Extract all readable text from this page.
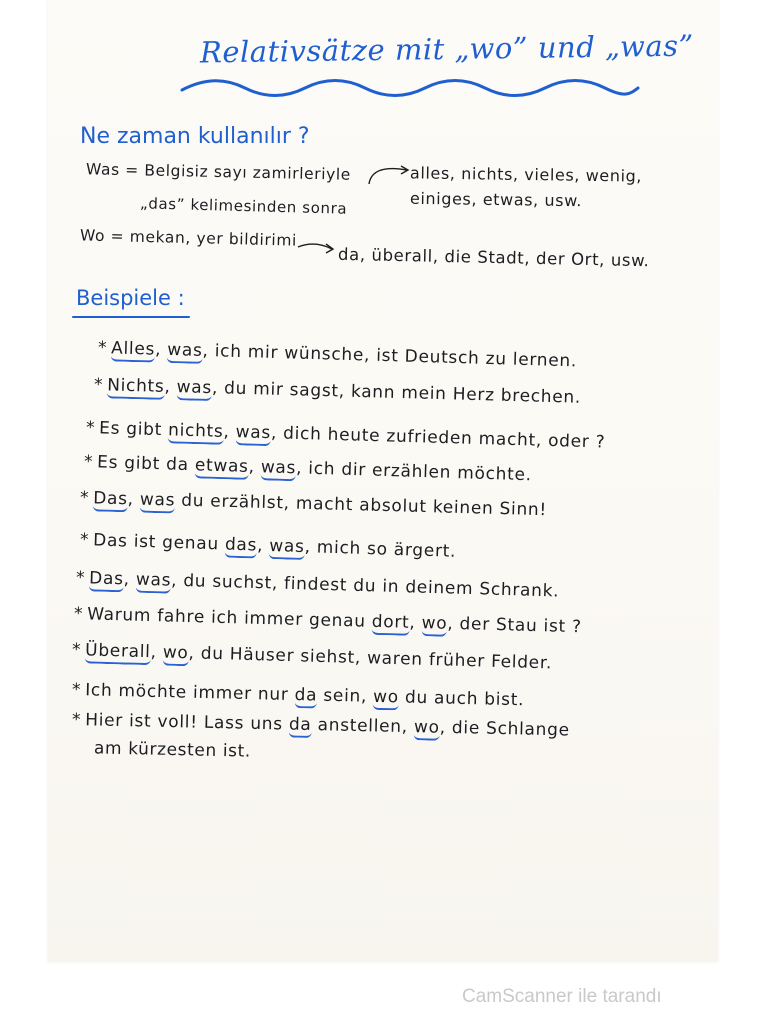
Relativsätze mit „wo” und „was”
Ne zaman kullanılır ?
Was = Belgisiz sayı zamirleriyle
„das” kelimesinden sonra
alles, nichts, vieles, wenig,
einiges, etwas, usw.
Wo = mekan, yer bildirimi
da, überall, die Stadt, der Ort, usw.
Beispiele :
* Alles, was, ich mir wünsche, ist Deutsch zu lernen.
* Nichts, was, du mir sagst, kann mein Herz brechen.
* Es gibt nichts, was, dich heute zufrieden macht, oder ?
* Es gibt da etwas, was, ich dir erzählen möchte.
* Das, was du erzählst, macht absolut keinen Sinn!
* Das ist genau das, was, mich so ärgert.
* Das, was, du suchst, findest du in deinem Schrank.
* Warum fahre ich immer genau dort, wo, der Stau ist ?
* Überall, wo, du Häuser siehst, waren früher Felder.
* Ich möchte immer nur da sein, wo du auch bist.
* Hier ist voll! Lass uns da anstellen, wo, die Schlange
am kürzesten ist.
CamScanner ile tarandı
